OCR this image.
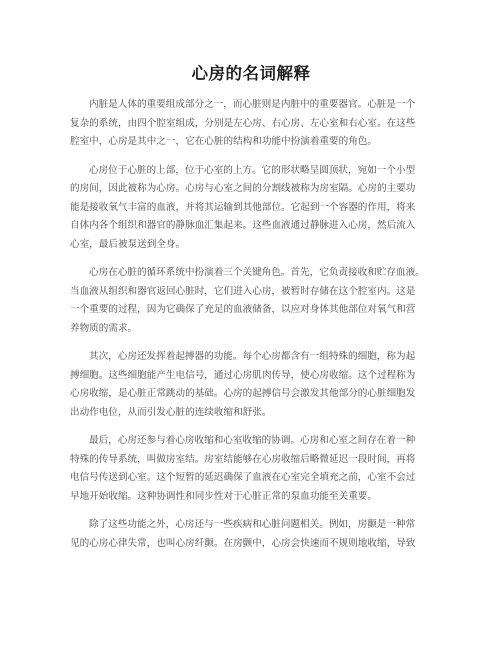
心房的名词解释
内脏是人体的重要组成部分之一，而心脏则是内脏中的重要器官。心脏是一个
复杂的系统，由四个腔室组成，分别是左心房、右心房、左心室和右心室。在这些
腔室中，心房是其中之一，它在心脏的结构和功能中扮演着重要的角色。
心房位于心脏的上部，位于心室的上方。它的形状略呈圆顶状，宛如一个小型
的房间，因此被称为心房。心房与心室之间的分割线被称为房室隔。心房的主要功
能是接收氧气丰富的血液，并将其运输到其他部位。它起到一个容器的作用，将来
自体内各个组织和器官的静脉血汇集起来。这些血液通过静脉进入心房，然后流入
心室，最后被泵送到全身。
心房在心脏的循环系统中扮演着三个关键角色。首先，它负责接收和贮存血液。
当血液从组织和器官返回心脏时，它们进入心房，被暂时存储在这个腔室内。这是
一个重要的过程，因为它确保了充足的血液储备，以应对身体其他部位对氧气和营
养物质的需求。
其次，心房还发挥着起搏器的功能。每个心房都含有一组特殊的细胞，称为起
搏细胞。这些细胞能产生电信号，通过心房肌肉传导，使心房收缩。这个过程称为
心房收缩，是心脏正常跳动的基础。心房的起搏信号会激发其他部分的心脏细胞发
出动作电位，从而引发心脏的连续收缩和舒张。
最后，心房还参与着心房收缩和心室收缩的协调。心房和心室之间存在着一种
特殊的传导系统，叫做房室结。房室结能够在心房收缩后略微延迟一段时间，再将
电信号传送到心室。这个短暂的延迟确保了血液在心室完全填充之前，心室不会过
早地开始收缩。这种协调性和同步性对于心脏正常的泵血功能至关重要。
除了这些功能之外，心房还与一些疾病和心脏问题相关。例如，房颤是一种常
见的心房心律失常，也叫心房纤颤。在房颤中，心房会快速而不规则地收缩，导致
